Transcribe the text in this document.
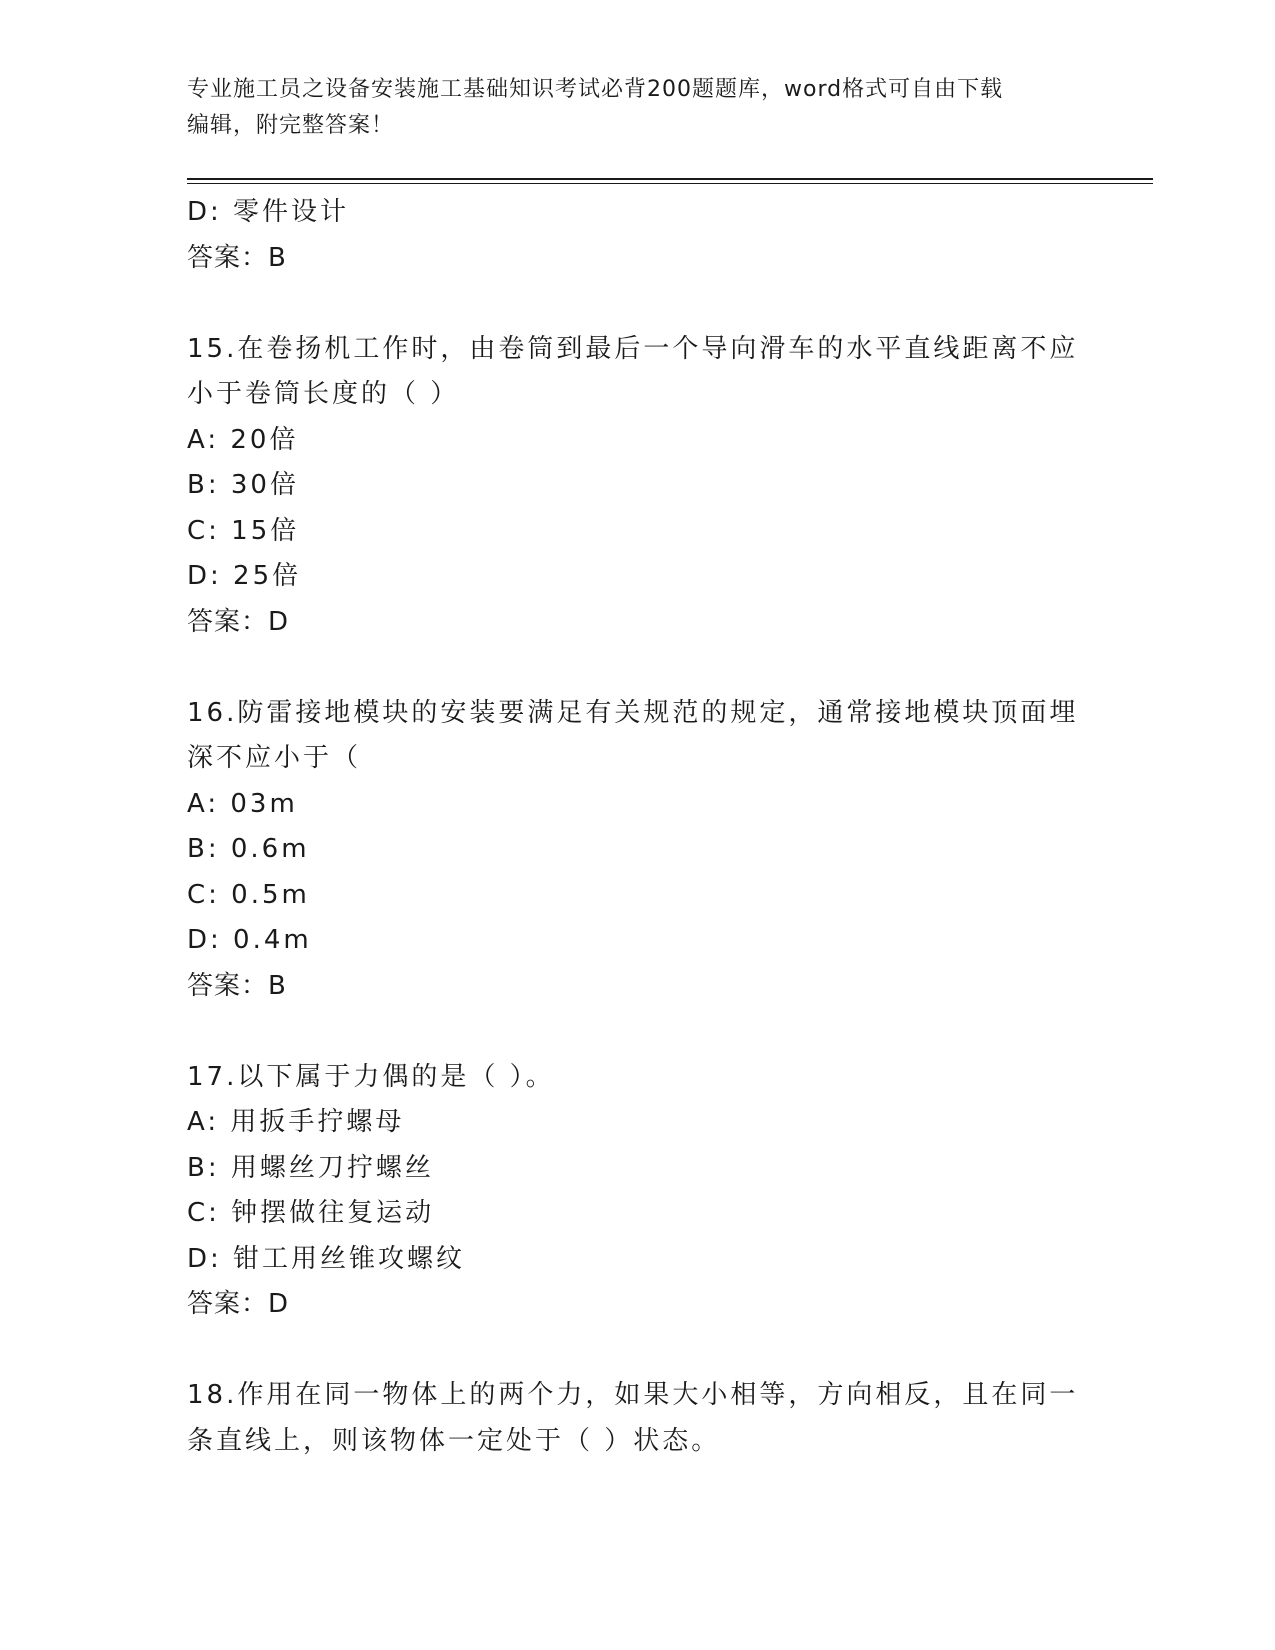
专业施工员之设备安装施工基础知识考试必背200题题库，word格式可自由下载
编辑，附完整答案！
D: 零件设计
答案：B
15.在卷扬机工作时，由卷筒到最后一个导向滑车的水平直线距离不应
小于卷筒长度的（ ）
A: 20倍
B: 30倍
C: 15倍
D: 25倍
答案：D
16.防雷接地模块的安装要满足有关规范的规定，通常接地模块顶面埋
深不应小于（
A: 03m
B: 0.6m
C: 0.5m
D: 0.4m
答案：B
17.以下属于力偶的是（ ）。
A: 用扳手拧螺母
B: 用螺丝刀拧螺丝
C: 钟摆做往复运动
D: 钳工用丝锥攻螺纹
答案：D
18.作用在同一物体上的两个力，如果大小相等，方向相反，且在同一
条直线上，则该物体一定处于（ ）状态。
